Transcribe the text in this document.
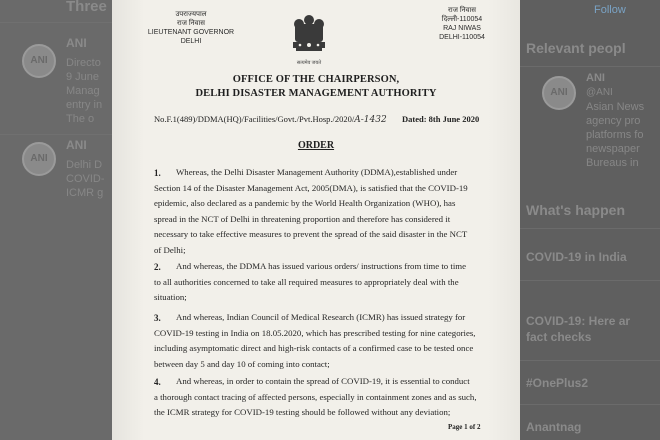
Three
ANI
ANI
Directo
9 June
Manag
entry in
The o
ANI
ANI
Delhi D
COVID-
ICMR g
Follow
Relevant peopl
ANI
ANI
@ANI
Asian News
agency pro
platforms fo
newspaper
Bureaus in
What's happen
COVID-19 in India
COVID-19: Here ar
fact checks
#OnePlus2
Anantnag
उपराज्यपाल
राज निवास
LIEUTENANT GOVERNOR
DELHI
सत्यमेव जयते
राज निवास
दिल्ली-110054
RAJ NIWAS
DELHI-110054
OFFICE OF THE CHAIRPERSON,
DELHI DISASTER MANAGEMENT AUTHORITY
No.F.1(489)/DDMA(HQ)/Facilities/Govt./Pvt.Hosp./2020/A-1432	Dated: 8th June 2020
ORDER
1.	Whereas, the Delhi Disaster Management Authority (DDMA),established under
Section 14 of the Disaster Management Act, 2005(DMA), is satisfied that the COVID-19
epidemic, also declared as a pandemic by the World Health Organization (WHO), has
spread in the NCT of Delhi in threatening proportion and therefore has considered it
necessary to take effective measures to prevent the spread of the said disaster in the NCT
of Delhi;
2.	And whereas, the DDMA has issued various orders/ instructions from time to time
to all authorities concerned to take all required measures to appropriately deal with the
situation;
3.	And whereas, Indian Council of Medical Research (ICMR) has issued strategy for
COVID-19 testing in India on 18.05.2020, which has prescribed testing for nine categories,
including asymptomatic direct and high-risk contacts of a confirmed case to be tested once
between day 5 and day 10 of coming into contact;
4.	And whereas, in order to contain the spread of COVID-19, it is essential to conduct
a thorough contact tracing of affected persons, especially in containment zones and as such,
the ICMR strategy for COVID-19 testing should be followed without any deviation;
Page 1 of 2
